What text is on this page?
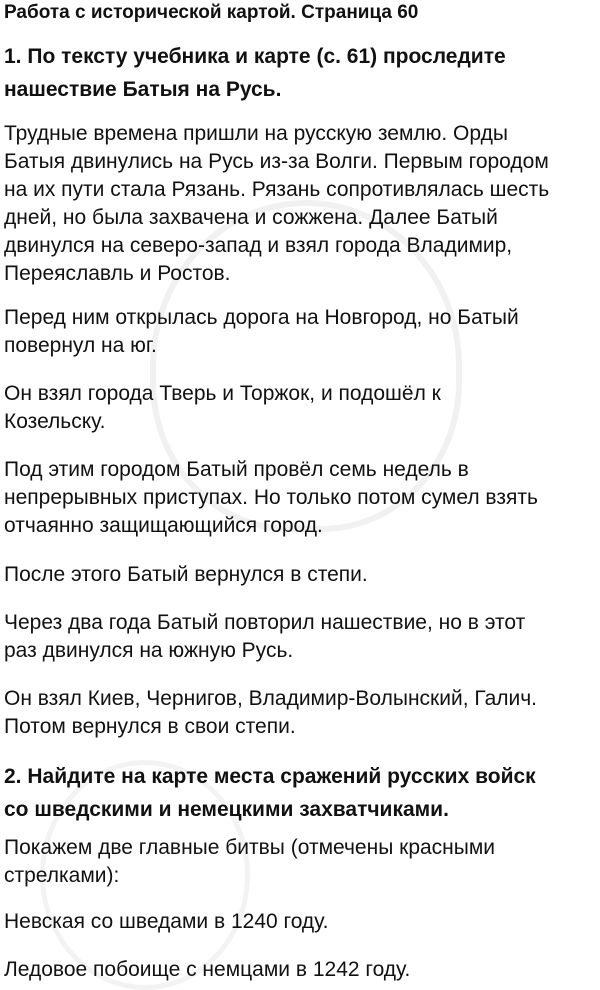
Работа с исторической картой. Страница 60
1. По тексту учебника и карте (с. 61) проследите
нашествие Батыя на Русь.

Трудные времена пришли на русскую землю. Орды
Батыя двинулись на Русь из-за Волги. Первым городом
на их пути стала Рязань. Рязань сопротивлялась шесть
дней, но была захвачена и сожжена. Далее Батый
двинулся на северо-запад и взял города Владимир,
Переяславль и Ростов.

Перед ним открылась дорога на Новгород, но Батый
повернул на юг.

Он взял города Тверь и Торжок, и подошёл к
Козельску.

Под этим городом Батый провёл семь недель в
непрерывных приступах. Но только потом сумел взять
отчаянно защищающийся город.

После этого Батый вернулся в степи.

Через два года Батый повторил нашествие, но в этот
раз двинулся на южную Русь.

Он взял Киев, Чернигов, Владимир-Волынский, Галич.
Потом вернулся в свои степи.

2. Найдите на карте места сражений русских войск
со шведскими и немецкими захватчиками.

Покажем две главные битвы (отмечены красными
стрелками):

Невская со шведами в 1240 году.

Ледовое побоище с немцами в 1242 году.
